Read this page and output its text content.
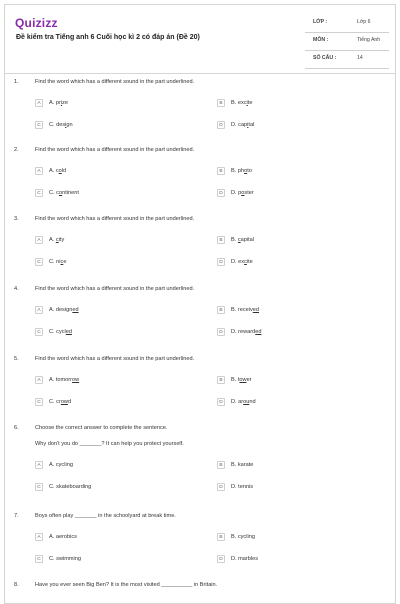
Quizizz
Đề kiểm tra Tiếng anh 6 Cuối học kì 2 có đáp án (Đề 20)
LỚP :	Lớp 6
MÔN :	Tiếng Anh
SỐ CÂU :	14
1.	Find the word which has a different sound in the part underlined.
A	A. prize	B	B. excite
C	C. design	D	D. capital
2.	Find the word which has a different sound in the part underlined.
A	A. cold	B	B. photo
C	C. continent	D	D. poster
3.	Find the word which has a different sound in the part underlined.
A	A. city	B	B. capital
C	C. nice	D	D. excite
4.	Find the word which has a different sound in the part underlined.
A	A. designed	B	B. received
C	C. cycled	D	D. rewarded
5.	Find the word which has a different sound in the part underlined.
A	A. tomorrow	B	B. tower
C	C. crowd	D	D. around
6.	Choose the correct answer to complete the sentence.
Why don't you do _______? It can help you protect yourself.
A	A. cycling	B	B. karate
C	C. skateboarding	D	D. tennis
7.	Boys often play _______ in the schoolyard at break time.
A	A. aerobics	B	B. cycling
C	C. swimming	D	D. marbles
8.	Have you ever seen Big Ben? It is the most visited __________ in Britain.
